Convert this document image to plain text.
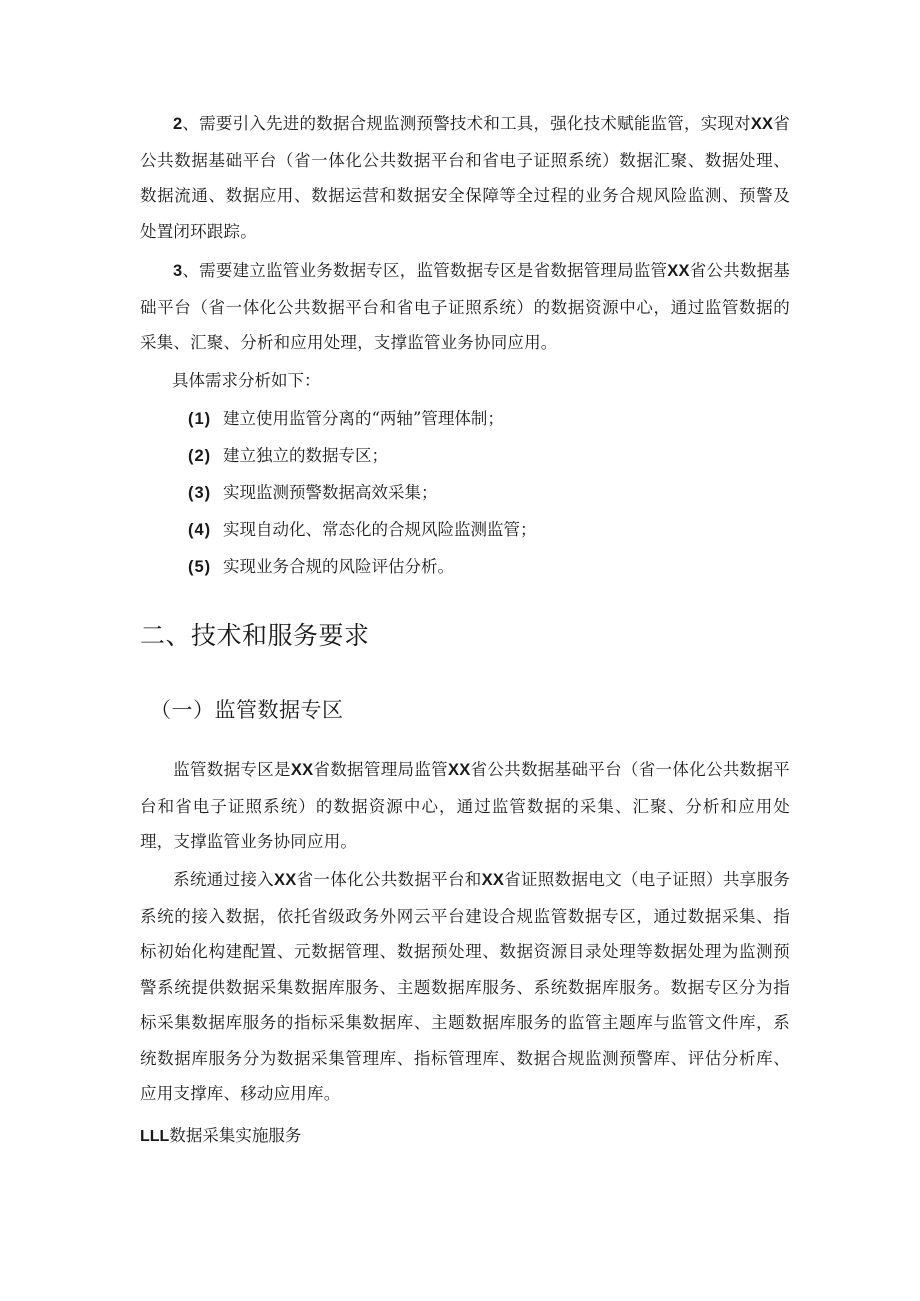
2、需要引入先进的数据合规监测预警技术和工具，强化技术赋能监管，实现对XX省公共数据基础平台（省一体化公共数据平台和省电子证照系统）数据汇聚、数据处理、数据流通、数据应用、数据运营和数据安全保障等全过程的业务合规风险监测、预警及处置闭环跟踪。

3、需要建立监管业务数据专区，监管数据专区是省数据管理局监管XX省公共数据基础平台（省一体化公共数据平台和省电子证照系统）的数据资源中心，通过监管数据的采集、汇聚、分析和应用处理，支撑监管业务协同应用。

具体需求分析如下：

(1) 建立使用监管分离的“两轴”管理体制；
(2) 建立独立的数据专区；
(3) 实现监测预警数据高效采集；
(4) 实现自动化、常态化的合规风险监测监管；
(5) 实现业务合规的风险评估分析。
二、技术和服务要求
（一）监管数据专区

监管数据专区是XX省数据管理局监管XX省公共数据基础平台（省一体化公共数据平台和省电子证照系统）的数据资源中心，通过监管数据的采集、汇聚、分析和应用处理，支撑监管业务协同应用。

系统通过接入XX省一体化公共数据平台和XX省证照数据电文（电子证照）共享服务系统的接入数据，依托省级政务外网云平台建设合规监管数据专区，通过数据采集、指标初始化构建配置、元数据管理、数据预处理、数据资源目录处理等数据处理为监测预警系统提供数据采集数据库服务、主题数据库服务、系统数据库服务。数据专区分为指标采集数据库服务的指标采集数据库、主题数据库服务的监管主题库与监管文件库，系统数据库服务分为数据采集管理库、指标管理库、数据合规监测预警库、评估分析库、应用支撑库、移动应用库。

LLL数据采集实施服务
